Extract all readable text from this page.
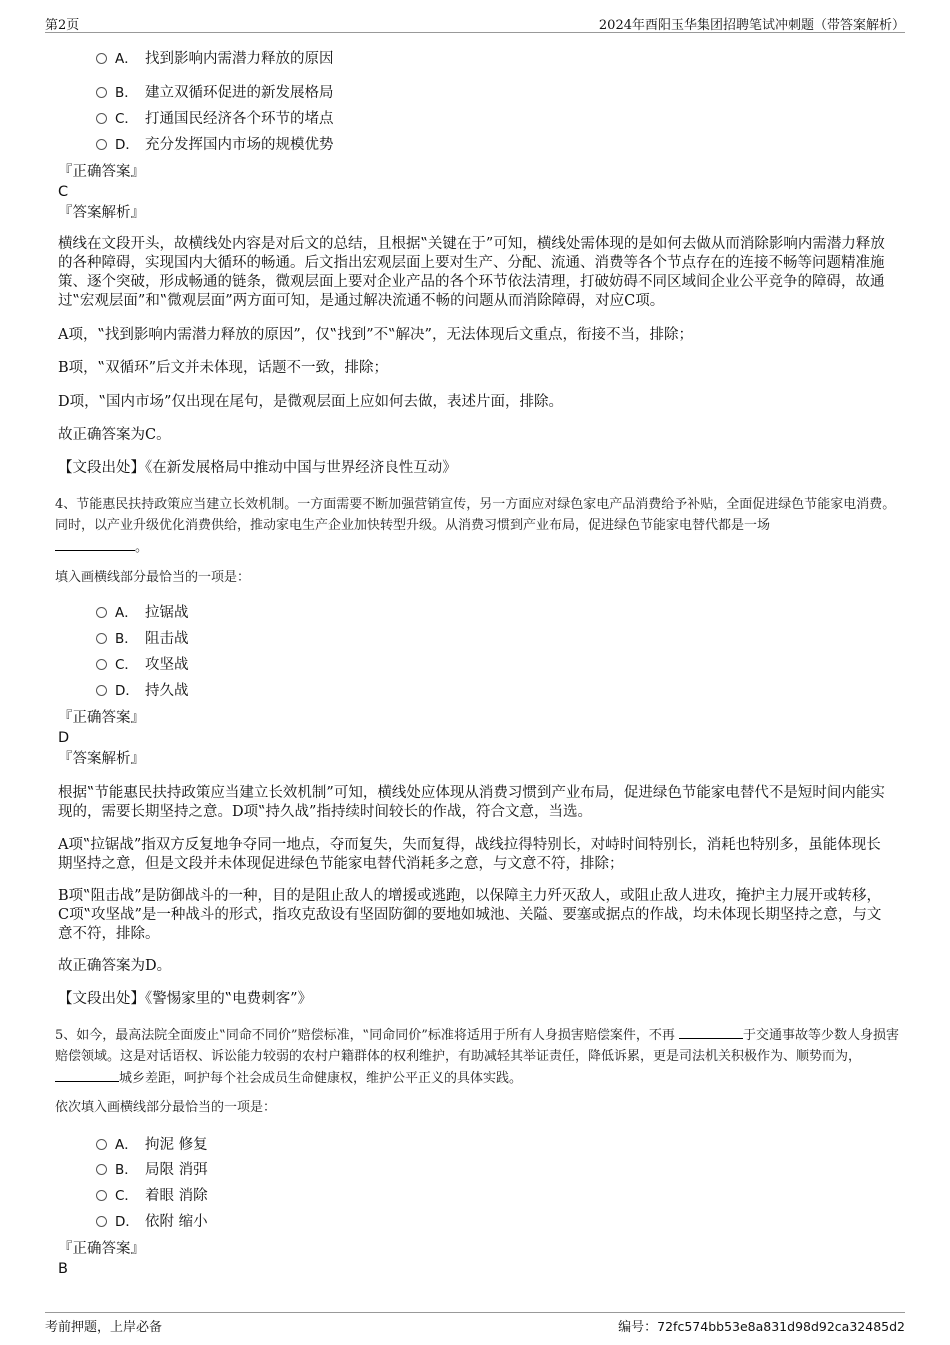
第2页	2024年酉阳玉华集团招聘笔试冲刺题（带答案解析）
A． 找到影响内需潜力释放的原因
B． 建立双循环促进的新发展格局
C． 打通国民经济各个环节的堵点
D． 充分发挥国内市场的规模优势
『正确答案』
C
『答案解析』
横线在文段开头，故横线处内容是对后文的总结，且根据‟关键在于”可知，横线处需体现的是如何去做从而消除影响内需潜力释放的各种障碍，实现国内大循环的畅通。后文指出宏观层面上要对生产、分配、流通、消费等各个节点存在的连接不畅等问题精准施策、逐个突破，形成畅通的链条，微观层面上要对企业产品的各个环节依法清理，打破妨碍不同区域间企业公平竞争的障碍，故通过‟宏观层面”和‟微观层面”两方面可知，是通过解决流通不畅的问题从而消除障碍，对应C项。
A项，‟找到影响内需潜力释放的原因”，仅‟找到”不‟解决”，无法体现后文重点，衔接不当，排除；
B项，‟双循环”后文并未体现，话题不一致，排除；
D项，‟国内市场”仅出现在尾句，是微观层面上应如何去做，表述片面，排除。
故正确答案为C。
【文段出处】《在新发展格局中推动中国与世界经济良性互动》
4、节能惠民扶持政策应当建立长效机制。一方面需要不断加强营销宣传，另一方面应对绿色家电产品消费给予补贴，全面促进绿色节能家电消费。同时，以产业升级优化消费供给，推动家电生产企业加快转型升级。从消费习惯到产业布局，促进绿色节能家电替代都是一场
。
填入画横线部分最恰当的一项是：
A． 拉锯战
B． 阻击战
C． 攻坚战
D． 持久战
『正确答案』
D
『答案解析』
根据‟节能惠民扶持政策应当建立长效机制”可知，横线处应体现从消费习惯到产业布局，促进绿色节能家电替代不是短时间内能实现的，需要长期坚持之意。D项‟持久战”指持续时间较长的作战，符合文意，当选。
A项‟拉锯战”指双方反复地争夺同一地点，夺而复失，失而复得，战线拉得特别长，对峙时间特别长，消耗也特别多，虽能体现长期坚持之意，但是文段并未体现促进绿色节能家电替代消耗多之意，与文意不符，排除；
B项‟阻击战”是防御战斗的一种，目的是阻止敌人的增援或逃跑，以保障主力歼灭敌人，或阻止敌人进攻，掩护主力展开或转移，C项‟攻坚战”是一种战斗的形式，指攻克敌设有坚固防御的要地如城池、关隘、要塞或据点的作战，均未体现长期坚持之意，与文意不符，排除。
故正确答案为D。
【文段出处】《警惕家里的‟电费刺客”》
5、如今，最高法院全面废止‟同命不同价”赔偿标准，‟同命同价”标准将适用于所有人身损害赔偿案件，不再	于交通事故等少数人身损害赔偿领域。这是对话语权、诉讼能力较弱的农村户籍群体的权利维护，有助减轻其举证责任，降低诉累，更是司法机关积极作为、顺势而为， 城乡差距，呵护每个社会成员生命健康权，维护公平正义的具体实践。
依次填入画横线部分最恰当的一项是：
A． 拘泥 修复
B． 局限 消弭
C． 着眼 消除
D． 依附 缩小
『正确答案』
B
考前押题，上岸必备	编号：72fc574bb53e8a831d98d92ca32485d2
